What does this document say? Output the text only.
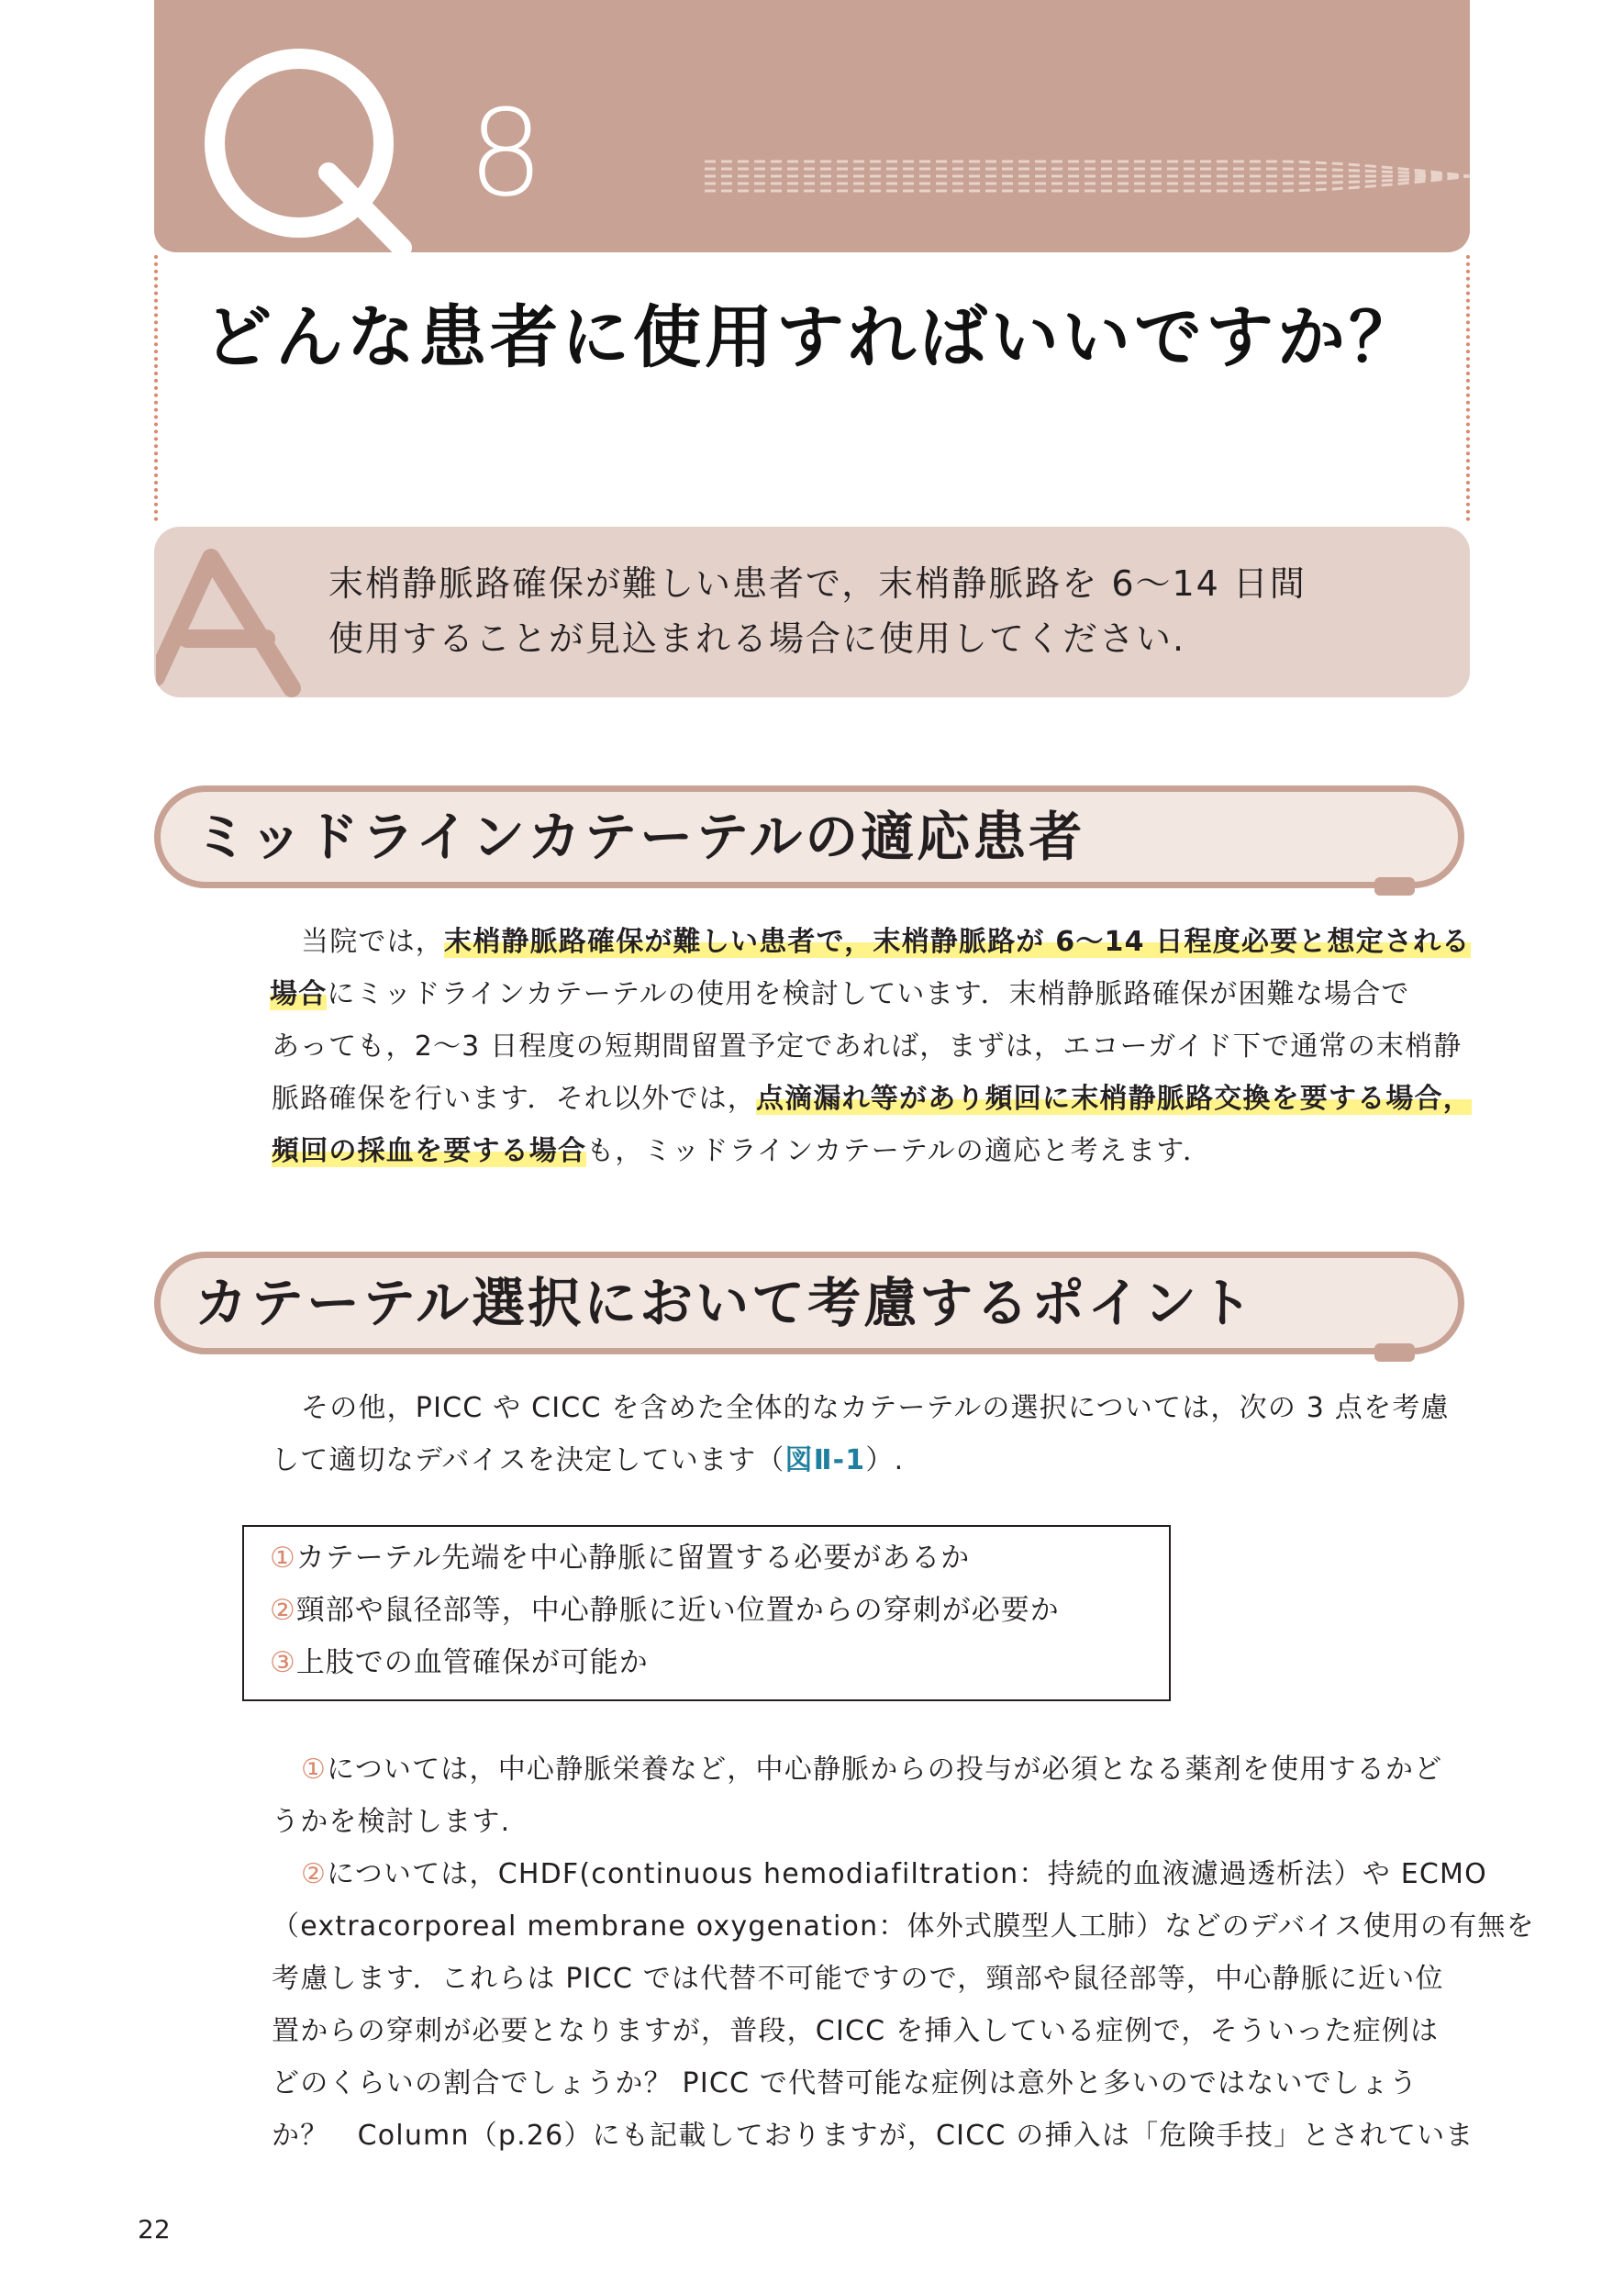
8
どんな患者に使用すればいいですか？
末梢静脈路確保が難しい患者で，末梢静脈路を 6～14 日間
使用することが見込まれる場合に使用してください.
ミッドラインカテーテルの適応患者
当院では，末梢静脈路確保が難しい患者で，末梢静脈路が 6～14 日程度必要と想定される
場合にミッドラインカテーテルの使用を検討しています．末梢静脈路確保が困難な場合で
あっても，2～3 日程度の短期間留置予定であれば，まずは，エコーガイド下で通常の末梢静
脈路確保を行います．それ以外では，点滴漏れ等があり頻回に末梢静脈路交換を要する場合，
頻回の採血を要する場合も，ミッドラインカテーテルの適応と考えます．
カテーテル選択において考慮するポイント
その他，PICC や CICC を含めた全体的なカテーテルの選択については，次の 3 点を考慮
して適切なデバイスを決定しています（図Ⅱ-1）.
①カテーテル先端を中心静脈に留置する必要があるか
②頸部や鼠径部等，中心静脈に近い位置からの穿刺が必要か
③上肢での血管確保が可能か
①については，中心静脈栄養など，中心静脈からの投与が必須となる薬剤を使用するかど
うかを検討します.
②については，CHDF(continuous hemodiafiltration：持続的血液濾過透析法）や ECMO
（extracorporeal membrane oxygenation：体外式膜型人工肺）などのデバイス使用の有無を
考慮します．これらは PICC では代替不可能ですので，頸部や鼠径部等，中心静脈に近い位
置からの穿刺が必要となりますが，普段，CICC を挿入している症例で，そういった症例は
どのくらいの割合でしょうか？ PICC で代替可能な症例は意外と多いのではないでしょう
か？　Column（p.26）にも記載しておりますが，CICC の挿入は「危険手技」とされていま
22
